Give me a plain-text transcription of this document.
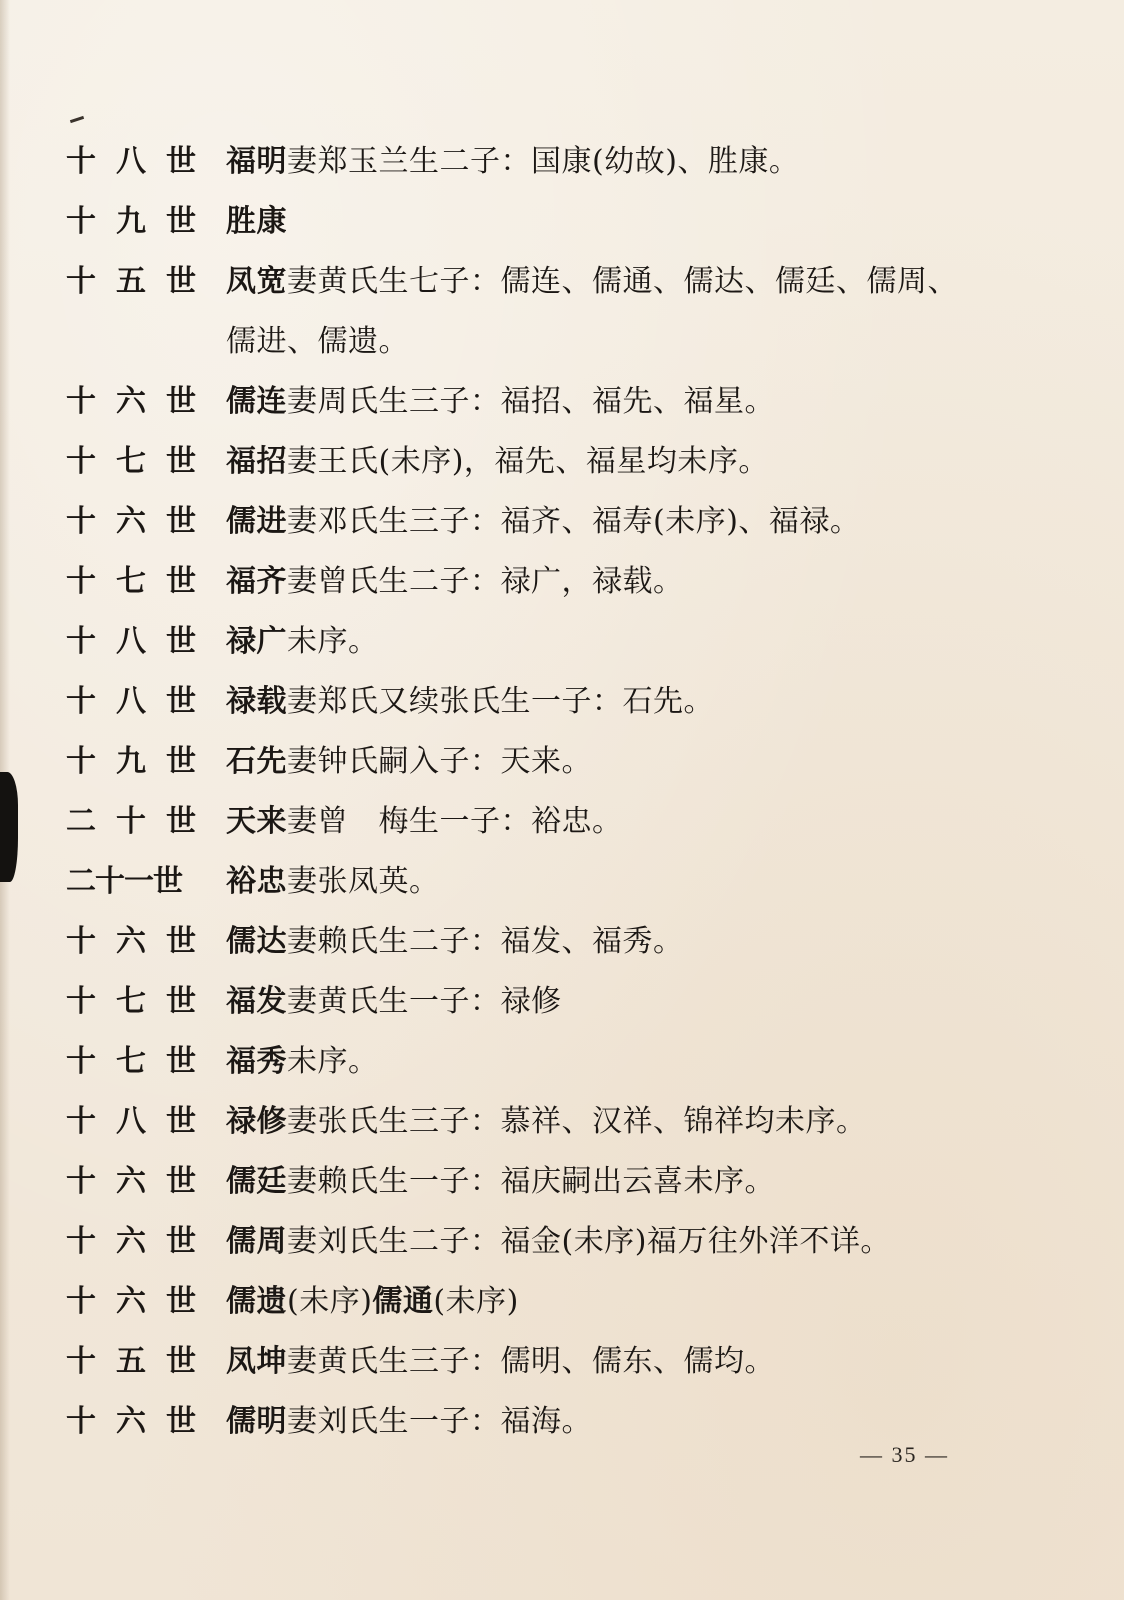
十 八 世 福明妻郑玉兰生二子：国康(幼故)、胜康。
十 九 世 胜康
十 五 世 凤宽妻黄氏生七子：儒连、儒通、儒达、儒廷、儒周、儒进、儒遗。
十 六 世 儒连妻周氏生三子：福招、福先、福星。
十 七 世 福招妻王氏(未序)，福先、福星均未序。
十 六 世 儒进妻邓氏生三子：福齐、福寿(未序)、福禄。
十 七 世 福齐妻曾氏生二子：禄广，禄载。
十 八 世 禄广未序。
十 八 世 禄载妻郑氏又续张氏生一子：石先。
十 九 世 石先妻钟氏嗣入子：天来。
二 十 世 天来妻曾　梅生一子：裕忠。
二十一世 裕忠妻张凤英。
十 六 世 儒达妻赖氏生二子：福发、福秀。
十 七 世 福发妻黄氏生一子：禄修
十 七 世 福秀未序。
十 八 世 禄修妻张氏生三子：慕祥、汉祥、锦祥均未序。
十 六 世 儒廷妻赖氏生一子：福庆嗣出云喜未序。
十 六 世 儒周妻刘氏生二子：福金(未序)福万往外洋不详。
十 六 世 儒遗(未序)儒通(未序)
十 五 世 凤坤妻黄氏生三子：儒明、儒东、儒均。
十 六 世 儒明妻刘氏生一子：福海。
— 35 —
